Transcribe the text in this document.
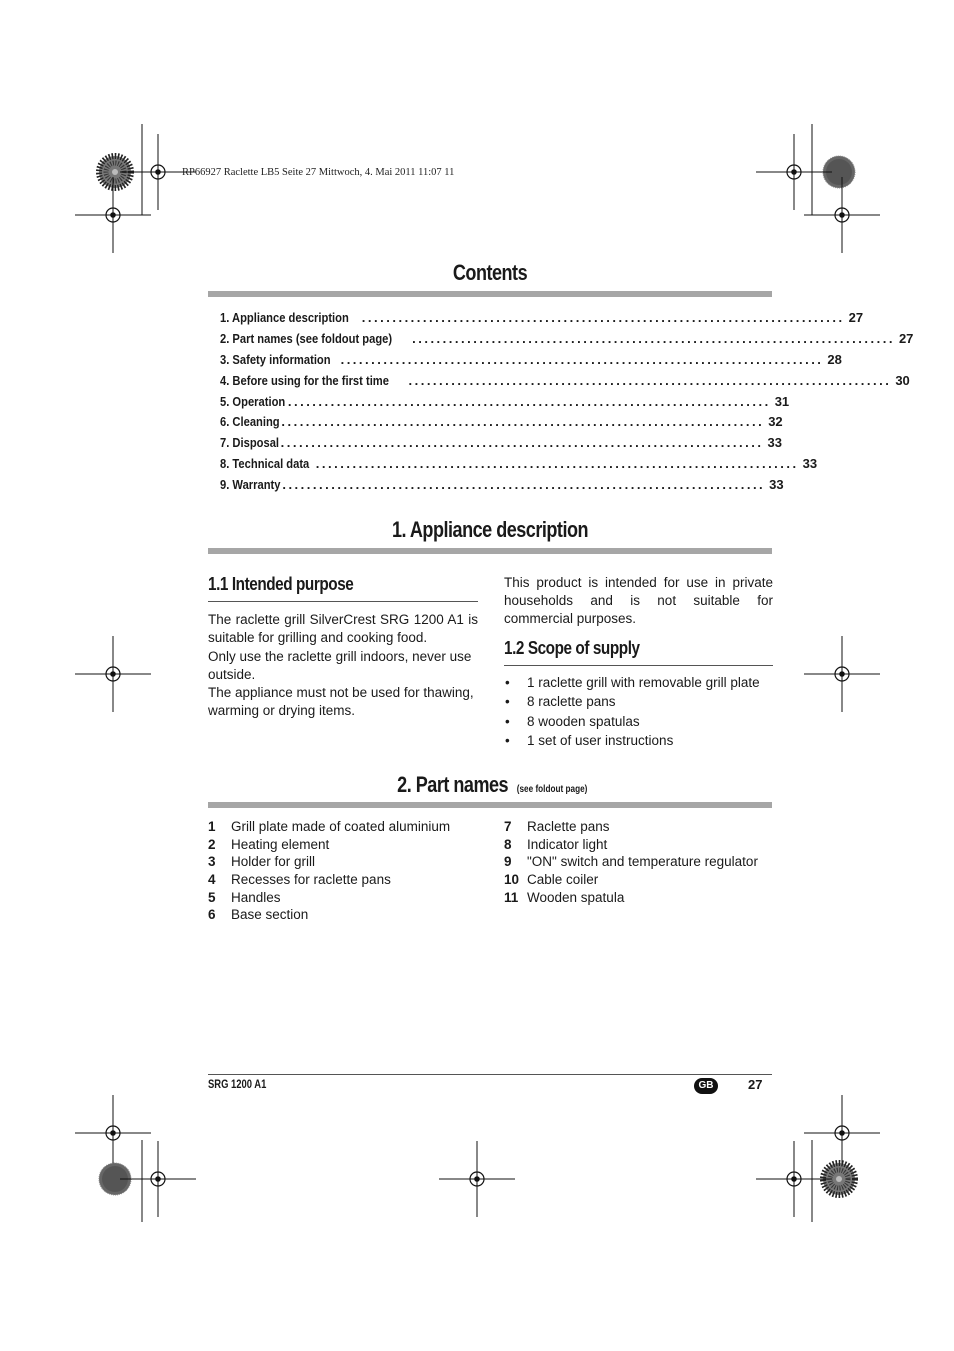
RP66927 Raclette LB5 Seite 27 Mittwoch, 4. Mai 2011 11:07 11
Contents
1. Appliance description ............................................................................... 27
2. Part names (see foldout page) ............................................................................... 27
3. Safety information ............................................................................... 28
4. Before using for the first time ............................................................................... 30
5. Operation ............................................................................... 31
6. Cleaning ............................................................................... 32
7. Disposal ............................................................................... 33
8. Technical data ............................................................................... 33
9. Warranty ............................................................................... 33
1. Appliance description
1.1 Intended purpose
The raclette grill SilverCrest SRG 1200 A1 is suitable for grilling and cooking food.
Only use the raclette grill indoors, never use outside.
The appliance must not be used for thawing, warming or drying items.
This product is intended for use in private households and is not suitable for commercial purposes.
1.2 Scope of supply
•	1 raclette grill with removable grill plate
•	8 raclette pans
•	8 wooden spatulas
•	1 set of user instructions
2. Part names (see foldout page)
1	Grill plate made of coated aluminium
2	Heating element
3	Holder for grill
4	Recesses for raclette pans
5	Handles
6	Base section
7	Raclette pans
8	Indicator light
9	"ON" switch and temperature regulator
10 Cable coiler
11 Wooden spatula
SRG 1200 A1	GB	27
